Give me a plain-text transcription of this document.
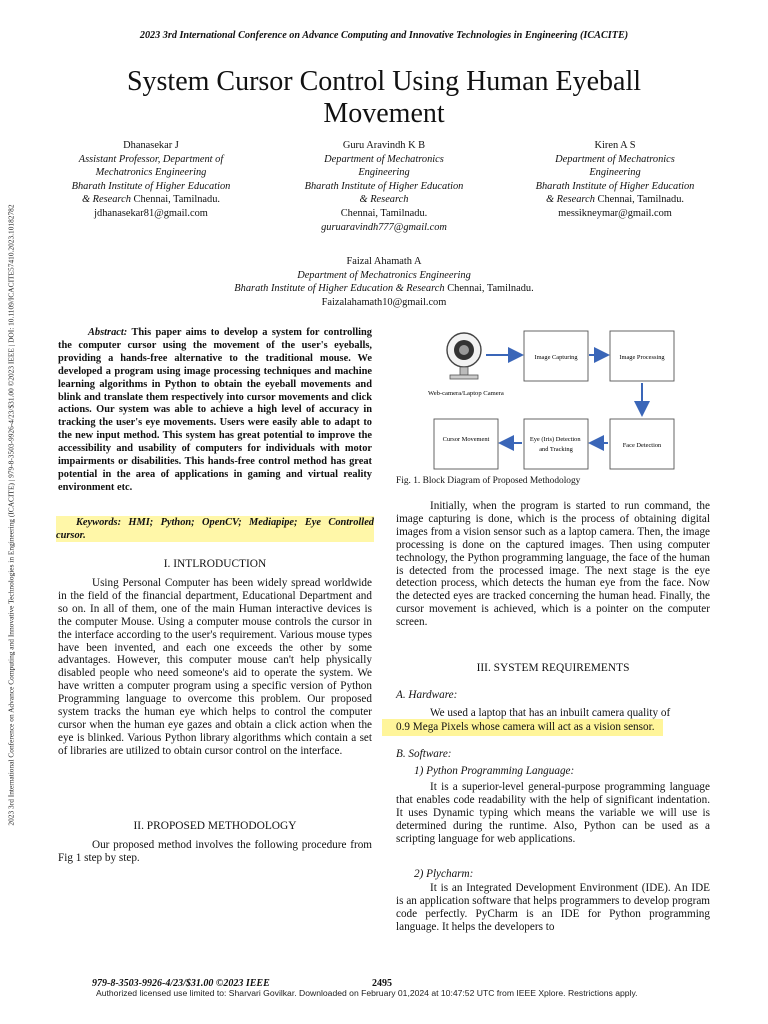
2023 3rd International Conference on Advance Computing and Innovative Technologies in Engineering (ICACITE)
2023 3rd International Conference on Advance Computing and Innovative Technologies in Engineering (ICACITE) | 979-8-3503-9926-4/23/$31.00 ©2023 IEEE | DOI: 10.1109/ICACITE57410.2023.10182782
System Cursor Control Using Human Eyeball
Movement
Dhanasekar J
Assistant Professor, Department of
Mechatronics Engineering
Bharath Institute of Higher Education
& Research Chennai, Tamilnadu.
jdhanasekar81@gmail.com
Guru Aravindh K B
Department of Mechatronics
Engineering
Bharath Institute of Higher Education
& Research
Chennai, Tamilnadu.
guruaravindh777@gmail.com
Kiren A S
Department of Mechatronics
Engineering
Bharath Institute of Higher Education
& Research Chennai, Tamilnadu.
messikneymar@gmail.com
Faizal Ahamath A
Department of Mechatronics Engineering
Bharath Institute of Higher Education & Research Chennai, Tamilnadu.
Faizalahamath10@gmail.com
Abstract: This paper aims to develop a system for controlling the computer cursor using the movement of the user's eyeballs, providing a hands-free alternative to the traditional mouse. We developed a program using image processing techniques and machine learning algorithms in Python to obtain the eyeball movements and blink and translate them respectively into cursor movements and click actions. Our system was able to achieve a high level of accuracy in tracking the user's eye movements. Users were easily able to adapt to the new input method. This system has great potential to improve the accessibility and usability of computers for individuals with motor impairments or disabilities. This hands-free control method has great potential in the area of applications in gaming and virtual reality environment etc.
Keywords: HMI; Python; OpenCV; Mediapipe; Eye Controlled cursor.
I. INTLRODUCTION
Using Personal Computer has been widely spread worldwide in the field of the financial department, Educational Department and so on. In all of them, one of the main Human interactive devices is the computer Mouse. Using a computer mouse controls the cursor in the interface according to the user's requirement. Various mouse types have been invented, and each one exceeds the other by some advantages. However, this computer mouse can't help physically disabled people who need someone's aid to operate the system. We have written a computer program using a specific version of Python Programming language to overcome this problem. Our proposed system tracks the human eye which helps to control the computer cursor when the human eye gazes and obtain a click action when the eye is blinked. Various Python library algorithms which contain a set of libraries are utilized to obtain cursor control on the interface.
II. PROPOSED METHODOLOGY
Our proposed method involves the following procedure from Fig 1 step by step.
Web-camera/Laptop Camera
Image Capturing	Image Processing
Face Detection
Eye (Iris) Detection and Tracking
Cursor Movement
Fig. 1. Block Diagram of Proposed Methodology
Initially, when the program is started to run command, the image capturing is done, which is the process of obtaining digital images from a vision sensor such as a laptop camera. Then, the image processing is done on the captured images. Then using computer technology, the Python programming language, the face of the human is detected from the processed image. The next stage is the eye detection process, which detects the human eye from the face. Now the detected eyes are tracked concerning the human head. Finally, the cursor movement is achieved, which is a pointer on the computer screen.
III. SYSTEM REQUIREMENTS
A. Hardware:
We used a laptop that has an inbuilt camera quality of
0.9 Mega Pixels whose camera will act as a vision sensor.
B. Software:
1) Python Programming Language:
It is a superior-level general-purpose programming language that enables code readability with the help of significant indentation. It uses Dynamic typing which means the variable we will use is determined during the runtime. Also, Python can be used as a scripting language for web applications.
2) Plycharm:
It is an Integrated Development Environment (IDE). An IDE is an application software that helps programmers to develop program code perfectly. PyCharm is an IDE for Python programming language. It helps the developers to
979-8-3503-9926-4/23/$31.00 ©2023 IEEE	2495
Authorized licensed use limited to: Sharvari Govilkar. Downloaded on February 01,2024 at 10:47:52 UTC from IEEE Xplore. Restrictions apply.
